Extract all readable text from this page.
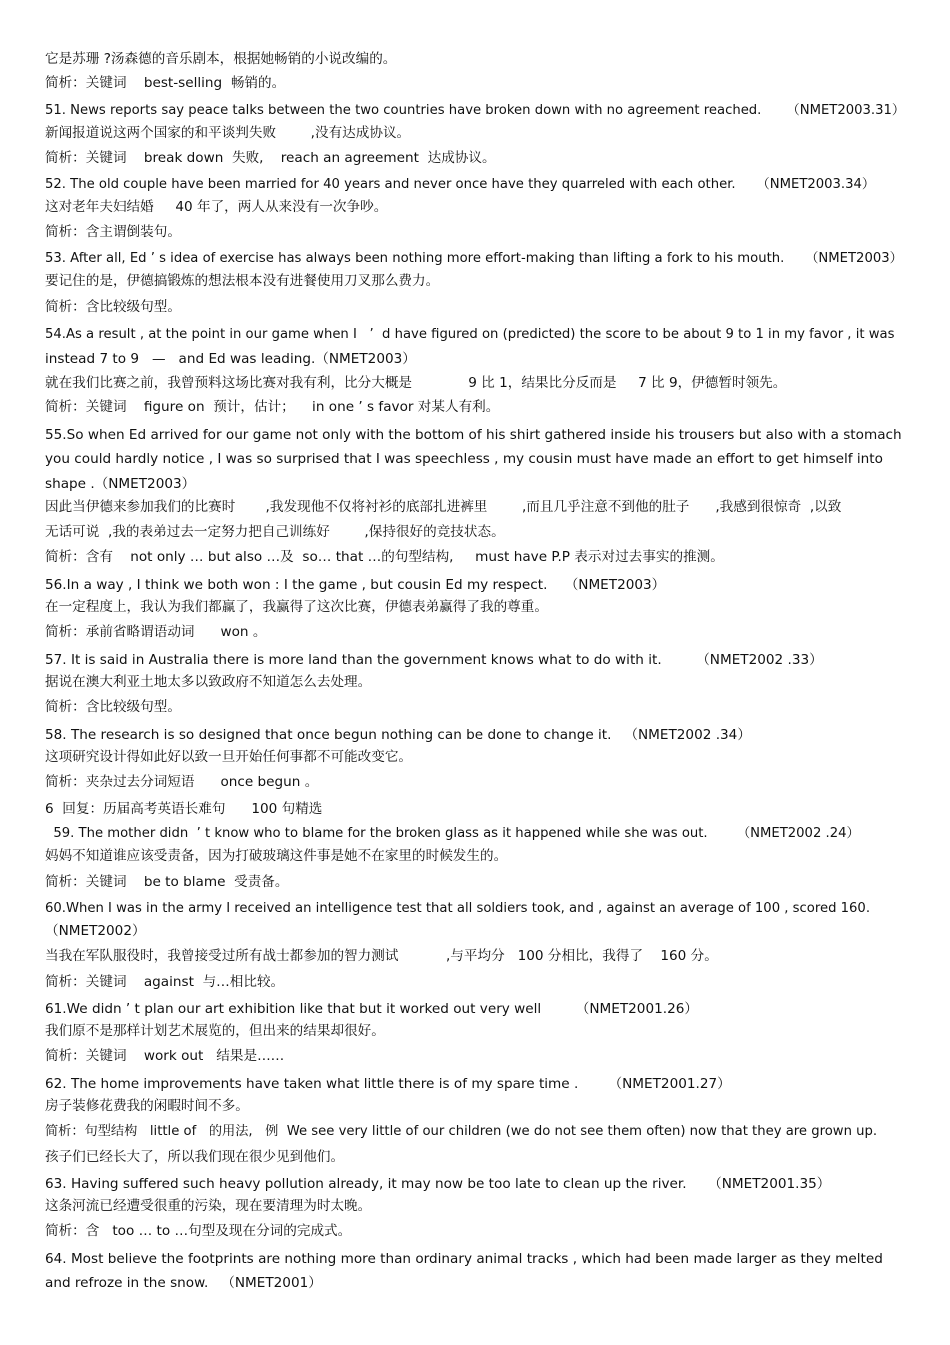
它是苏珊 ?汤森德的音乐剧本，根据她畅销的小说改编的。

简析：关键词    best-selling  畅销的。

51. News reports say peace talks between the two countries have broken down with no agreement reached.      （NMET2003.31）

新闻报道说这两个国家的和平谈判失败        ,没有达成协议。

简析：关键词    break down  失败,    reach an agreement  达成协议。

52. The old couple have been married for 40 years and never once have they quarreled with each other.     （NMET2003.34）

这对老年夫妇结婚     40 年了，两人从来没有一次争吵。

简析：含主谓倒装句。

53. After all, Ed ’ s idea of exercise has always been nothing more effort-making than lifting a fork to his mouth.     （NMET2003）

要记住的是，伊德搞锻炼的想法根本没有进餐使用刀叉那么费力。

简析：含比较级句型。

54.As a result , at the point in our game when I   ’  d have figured on (predicted) the score to be about 9 to 1 in my favor , it was

instead 7 to 9   —   and Ed was leading.（NMET2003）

就在我们比赛之前，我曾预料这场比赛对我有利，比分大概是             9 比 1，结果比分反而是     7 比 9，伊德暂时领先。

简析：关键词    figure on  预计，估计；    in one ’ s favor 对某人有利。

55.So when Ed arrived for our game not only with the bottom of his shirt gathered inside his trousers but also with a stomach

you could hardly notice , I was so surprised that I was speechless , my cousin must have made an effort to get himself into

shape .（NMET2003）

因此当伊德来参加我们的比赛时       ,我发现他不仅将衬衫的底部扎进裤里        ,而且几乎注意不到他的肚子      ,我感到很惊奇  ,以致

无话可说  ,我的表弟过去一定努力把自己训练好        ,保持很好的竞技状态。

简析：含有    not only … but also …及  so… that …的句型结构,     must have P.P 表示对过去事实的推测。

56.In a way , I think we both won : I the game , but cousin Ed my respect.    （NMET2003）

在一定程度上，我认为我们都赢了，我赢得了这次比赛，伊德表弟赢得了我的尊重。

简析：承前省略谓语动词      won 。

57. It is said in Australia there is more land than the government knows what to do with it.        （NMET2002 .33）

据说在澳大利亚土地太多以致政府不知道怎么去处理。

简析：含比较级句型。

58. The research is so designed that once begun nothing can be done to change it.   （NMET2002 .34）

这项研究设计得如此好以致一旦开始任何事都不可能改变它。

简析：夹杂过去分词短语      once begun 。

6  回复：历届高考英语长难句      100 句精选

59. The mother didn  ’ t know who to blame for the broken glass as it happened while she was out.       （NMET2002 .24）

妈妈不知道谁应该受责备，因为打破玻璃这件事是她不在家里的时候发生的。

简析：关键词    be to blame  受责备。

60.When I was in the army I received an intelligence test that all soldiers took, and , against an average of 100 , scored 160.

（NMET2002）

当我在军队服役时，我曾接受过所有战士都参加的智力测试           ,与平均分   100 分相比，我得了    160 分。

简析：关键词    against  与…相比较。

61.We didn ’ t plan our art exhibition like that but it worked out very well        （NMET2001.26）

我们原不是那样计划艺术展览的，但出来的结果却很好。

简析：关键词    work out   结果是……

62. The home improvements have taken what little there is of my spare time .       （NMET2001.27）

房子装修花费我的闲暇时间不多。

简析：句型结构   little of   的用法,   例  We see very little of our children (we do not see them often) now that they are grown up.

孩子们已经长大了，所以我们现在很少见到他们。

63. Having suffered such heavy pollution already, it may now be too late to clean up the river.     （NMET2001.35）

这条河流已经遭受很重的污染，现在要清理为时太晚。

简析：含   too … to …句型及现在分词的完成式。

64. Most believe the footprints are nothing more than ordinary animal tracks , which had been made larger as they melted

and refroze in the snow.   （NMET2001）
